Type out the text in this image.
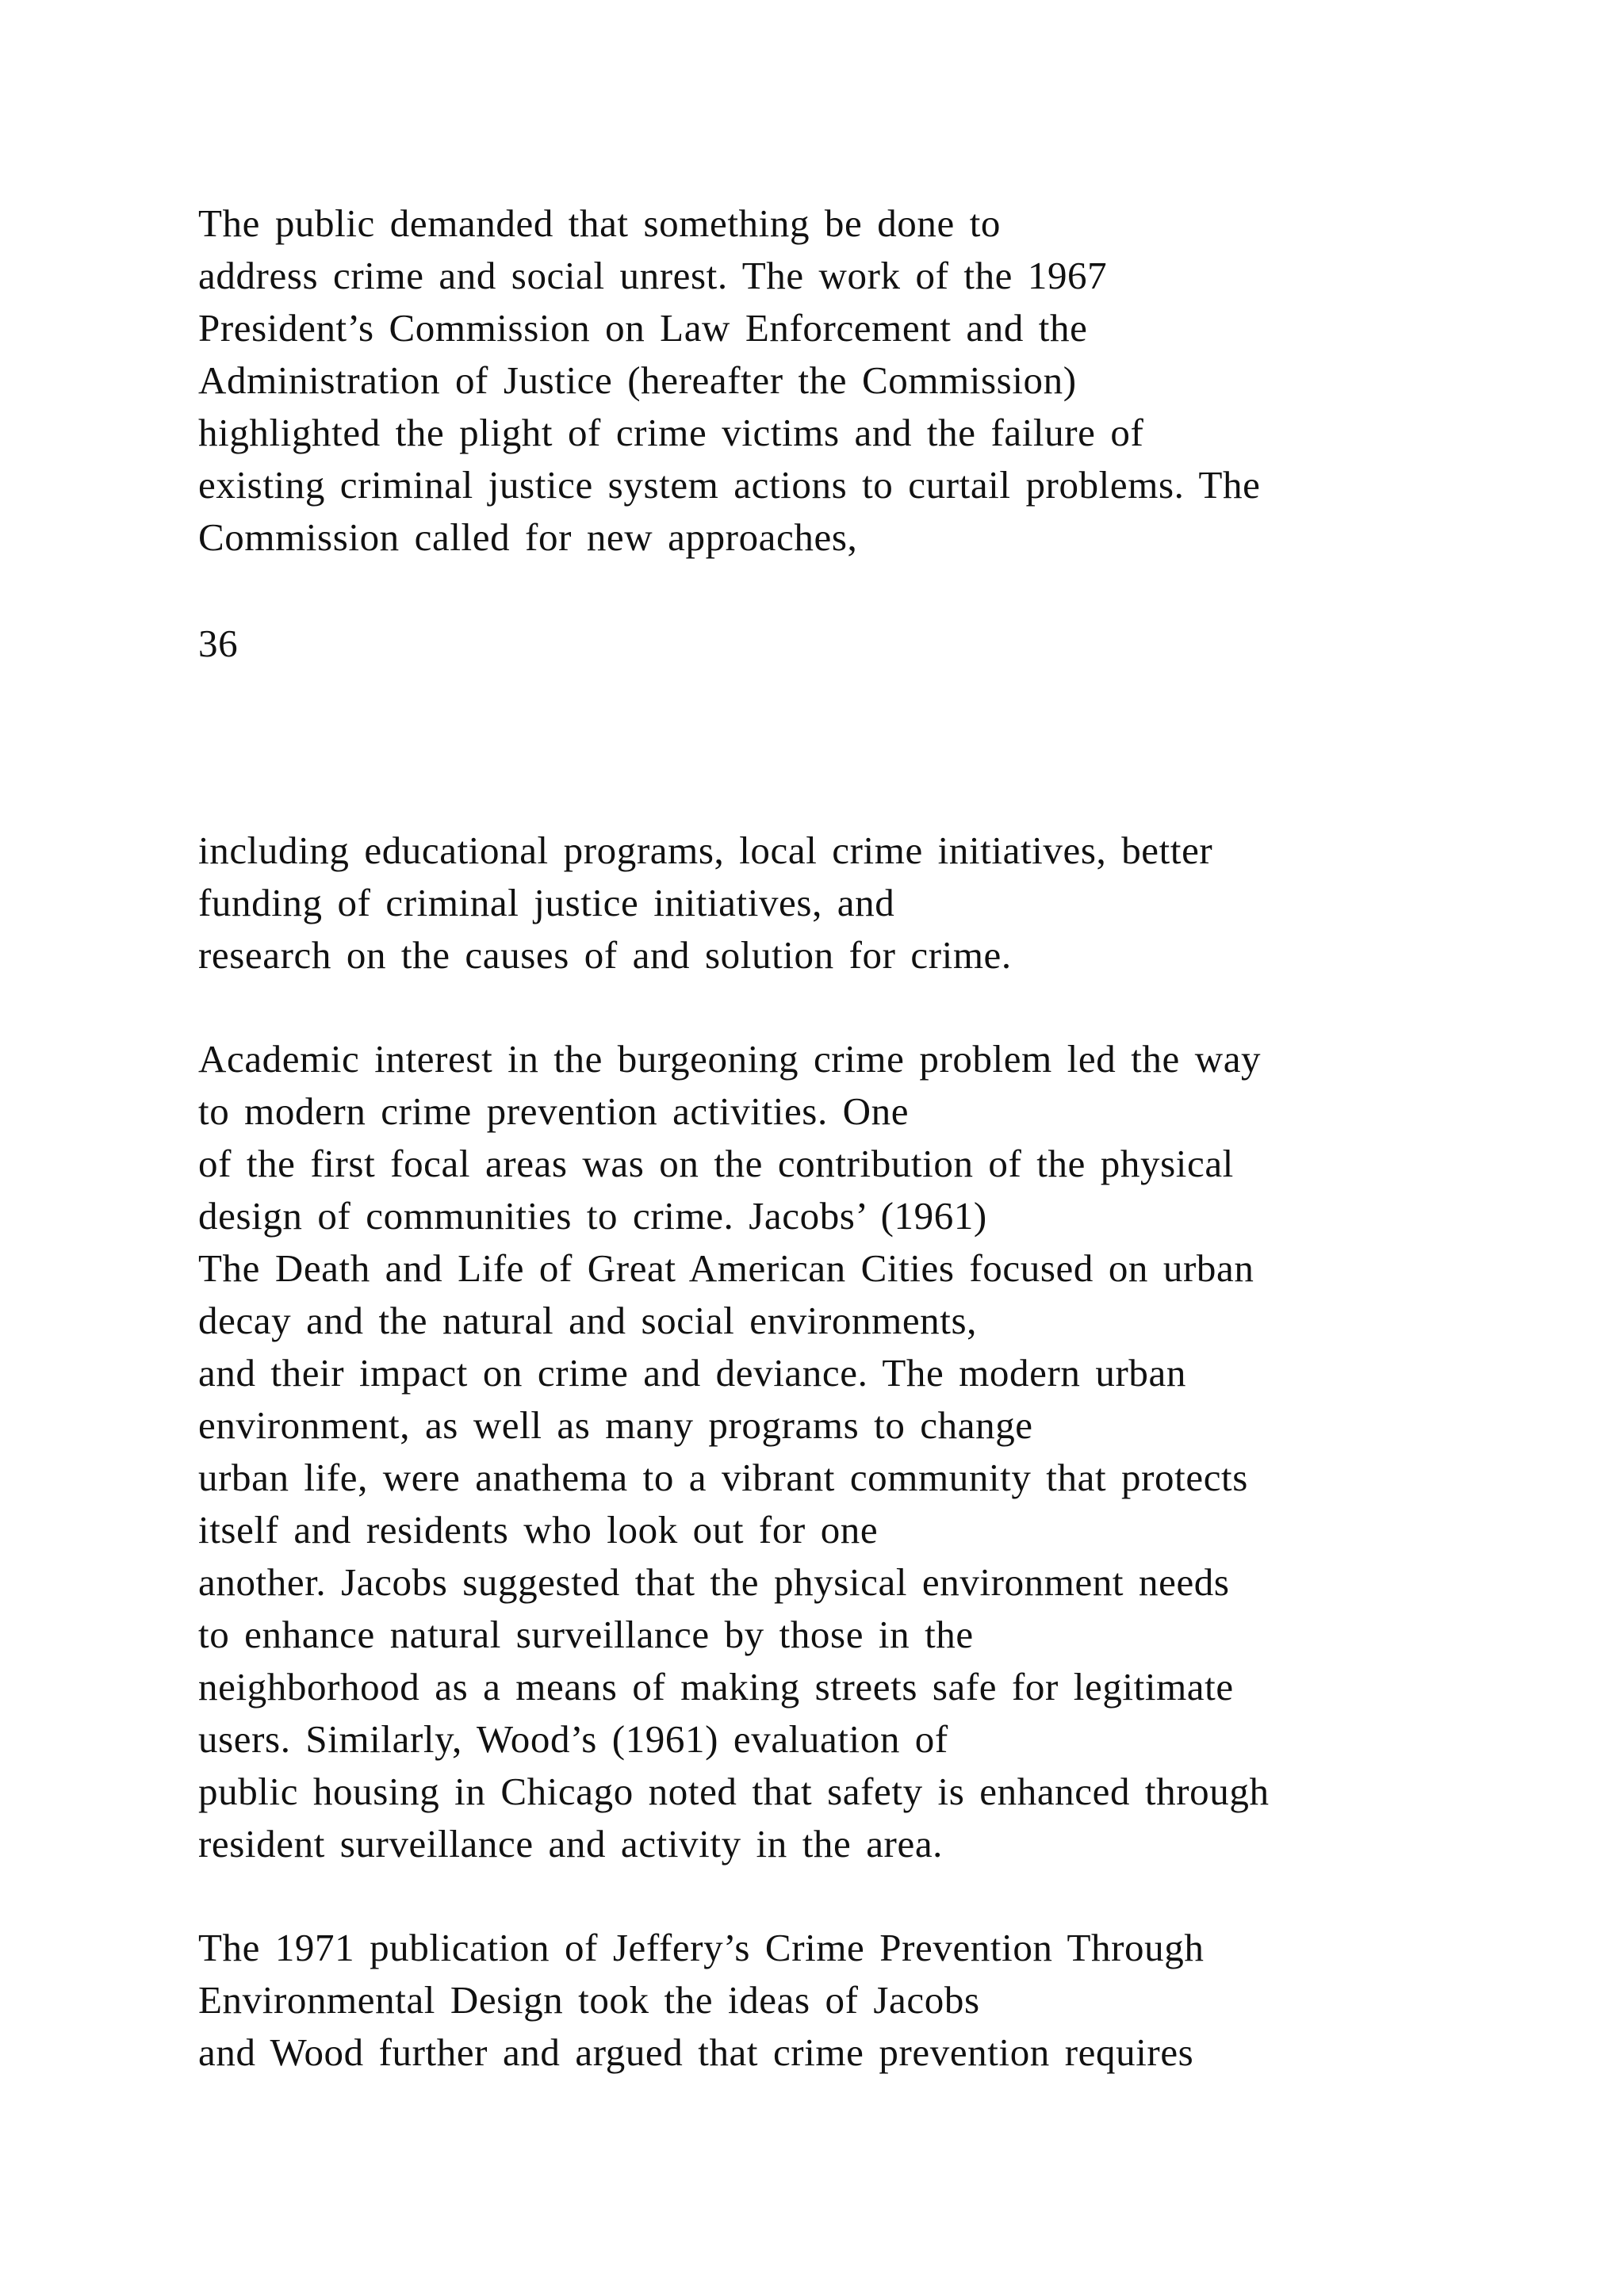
The public demanded that something be done to
address crime and social unrest. The work of the 1967
President’s Commission on Law Enforcement and the
Administration of Justice (hereafter the Commission)
highlighted the plight of crime victims and the failure of
existing criminal justice system actions to curtail problems. The
Commission called for new approaches,
36
including educational programs, local crime initiatives, better
funding of criminal justice initiatives, and
research on the causes of and solution for crime.
Academic interest in the burgeoning crime problem led the way
to modern crime prevention activities. One
of the first focal areas was on the contribution of the physical
design of communities to crime. Jacobs’ (1961)
The Death and Life of Great American Cities focused on urban
decay and the natural and social environments,
and their impact on crime and deviance. The modern urban
environment, as well as many programs to change
urban life, were anathema to a vibrant community that protects
itself and residents who look out for one
another. Jacobs suggested that the physical environment needs
to enhance natural surveillance by those in the
neighborhood as a means of making streets safe for legitimate
users. Similarly, Wood’s (1961) evaluation of
public housing in Chicago noted that safety is enhanced through
resident surveillance and activity in the area.
The 1971 publication of Jeffery’s Crime Prevention Through
Environmental Design took the ideas of Jacobs
and Wood further and argued that crime prevention requires
